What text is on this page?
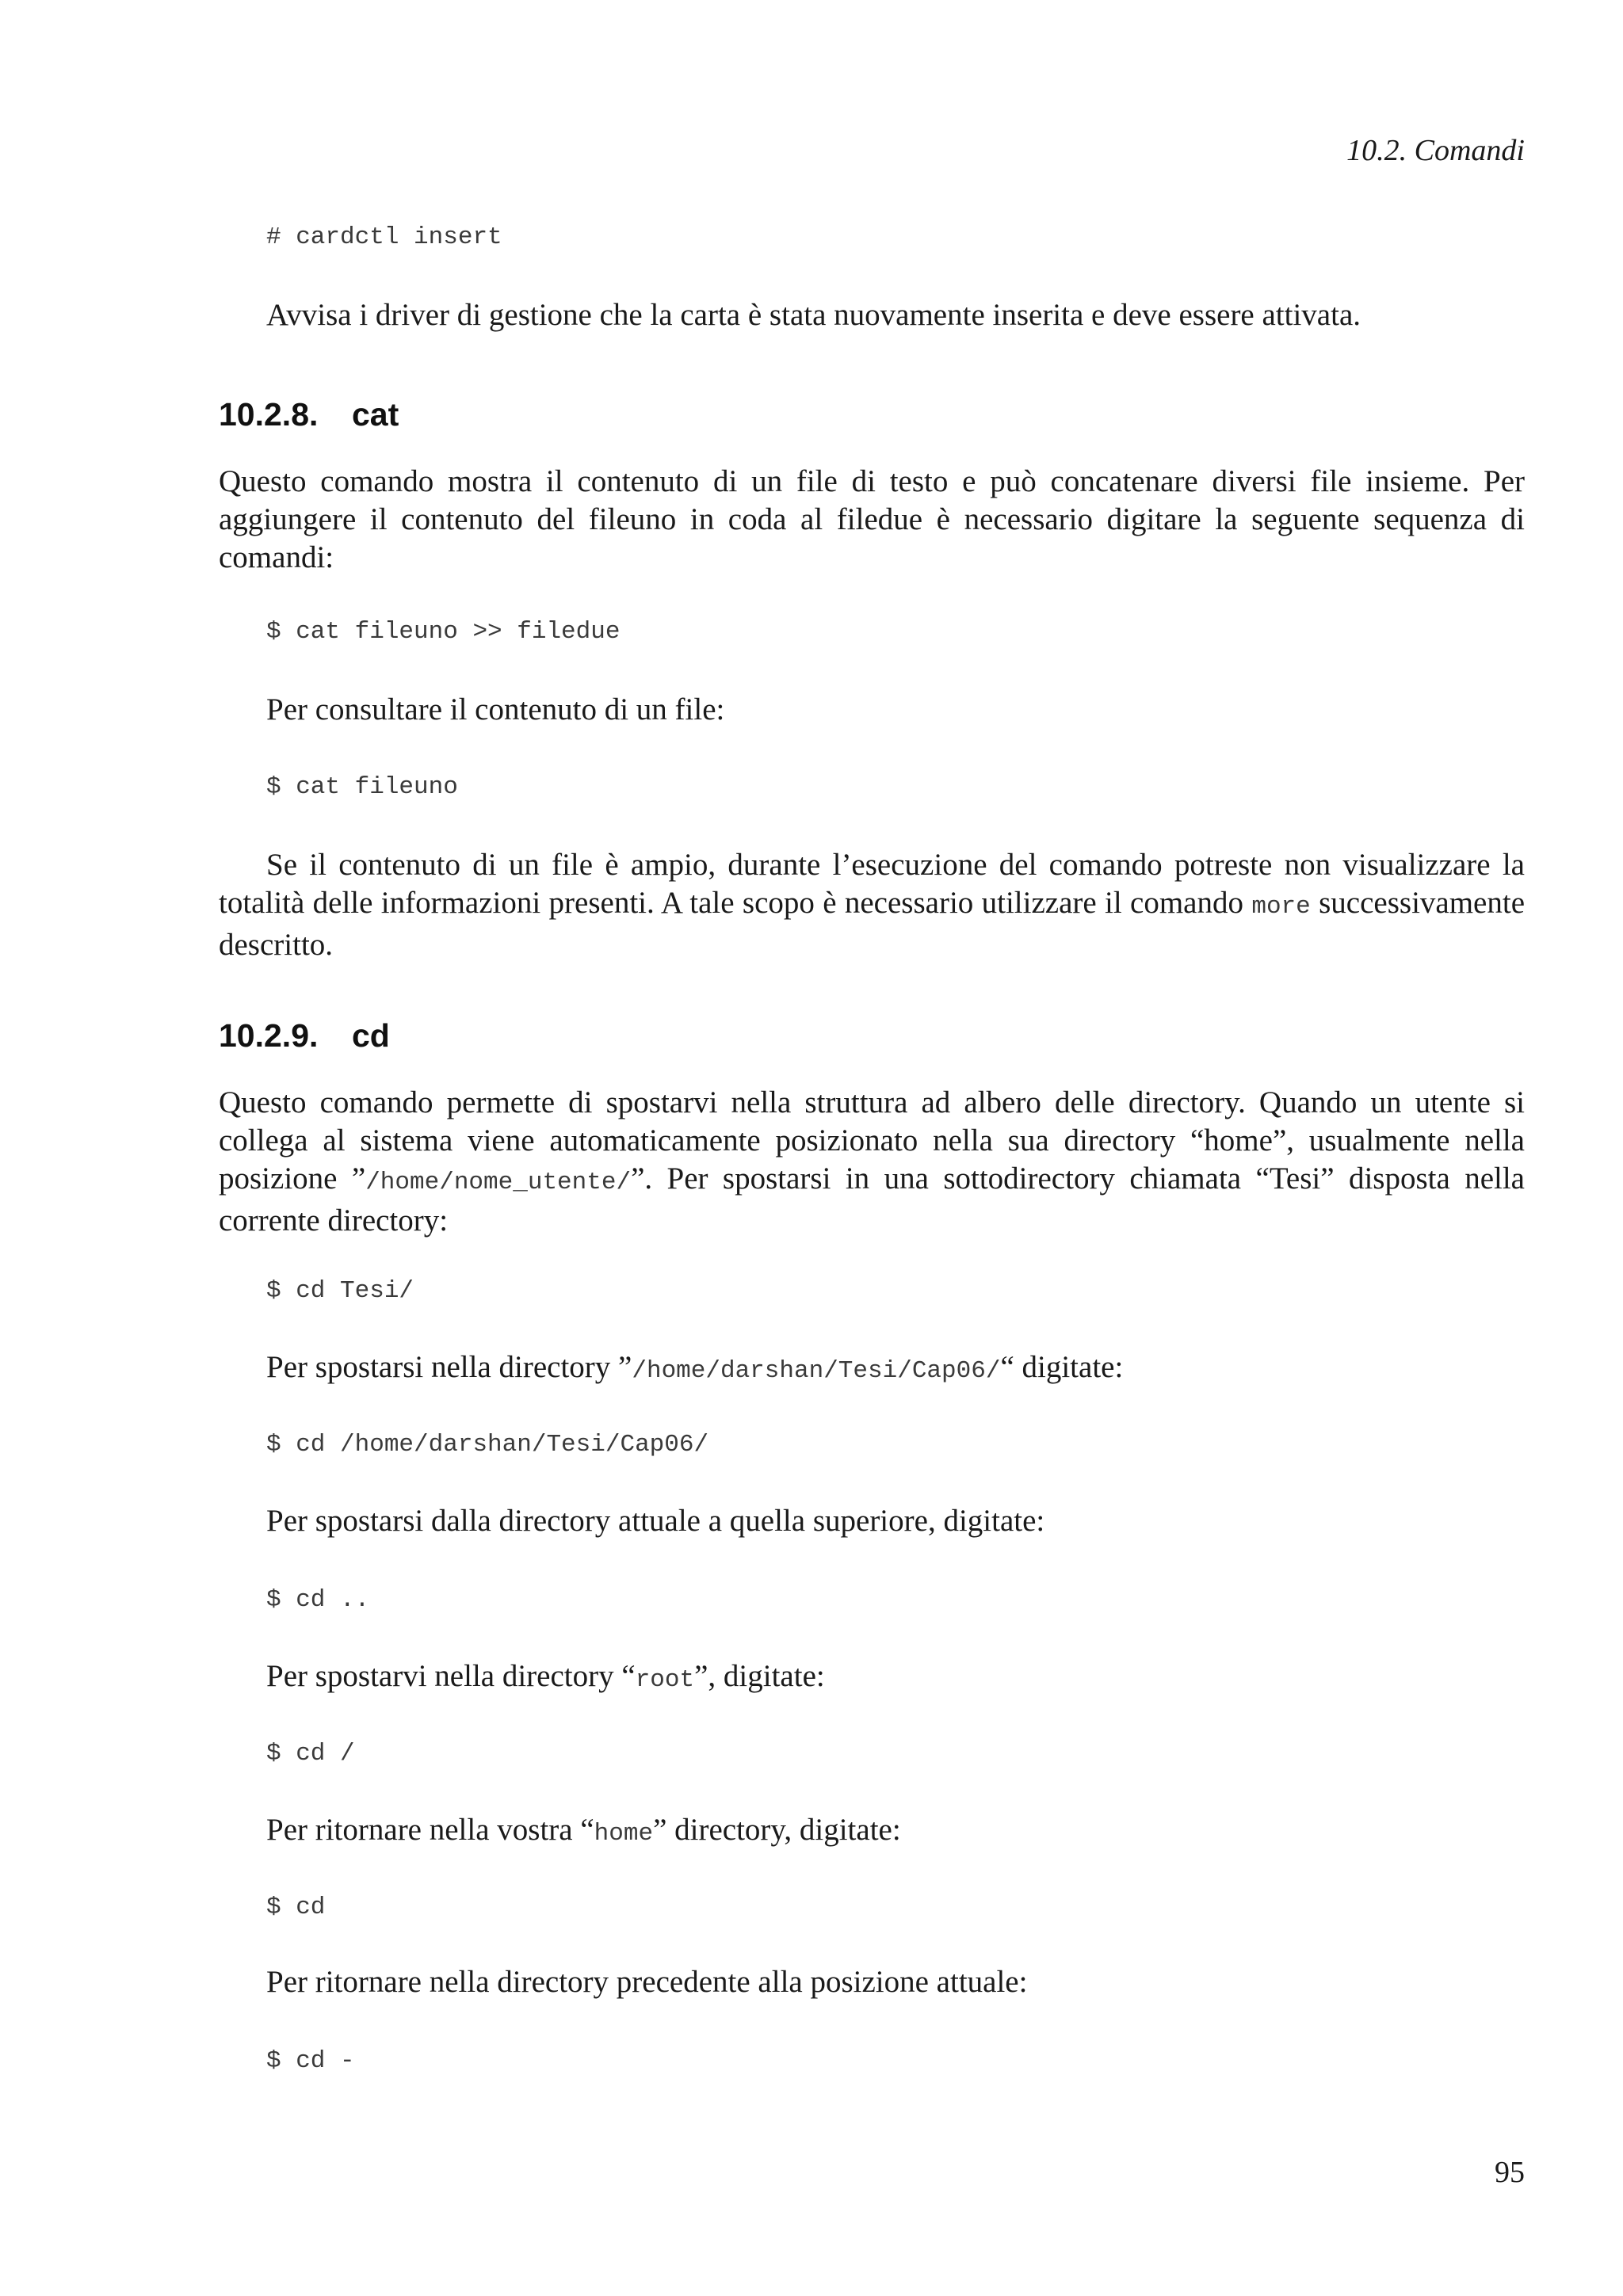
10.2. Comandi
# cardctl insert
Avvisa i driver di gestione che la carta è stata nuovamente inserita e deve essere attivata.
10.2.8. cat
Questo comando mostra il contenuto di un file di testo e può concatenare diversi file insieme. Per aggiungere il contenuto del fileuno in coda al filedue è necessario digitare la seguente sequenza di comandi:
$ cat fileuno >> filedue
Per consultare il contenuto di un file:
$ cat fileuno
Se il contenuto di un file è ampio, durante l’esecuzione del comando potreste non visualizzare la totalità delle informazioni presenti. A tale scopo è necessario utilizzare il comando more successivamente descritto.
10.2.9. cd
Questo comando permette di spostarvi nella struttura ad albero delle directory. Quando un utente si collega al sistema viene automaticamente posizionato nella sua directory “home”, usualmente nella posizione ”/home/nome_utente/”. Per spostarsi in una sottodirectory chiamata “Tesi” disposta nella corrente directory:
$ cd Tesi/
Per spostarsi nella directory ”/home/darshan/Tesi/Cap06/“ digitate:
$ cd /home/darshan/Tesi/Cap06/
Per spostarsi dalla directory attuale a quella superiore, digitate:
$ cd ..
Per spostarvi nella directory “root”, digitate:
$ cd /
Per ritornare nella vostra “home” directory, digitate:
$ cd
Per ritornare nella directory precedente alla posizione attuale:
$ cd -
95
